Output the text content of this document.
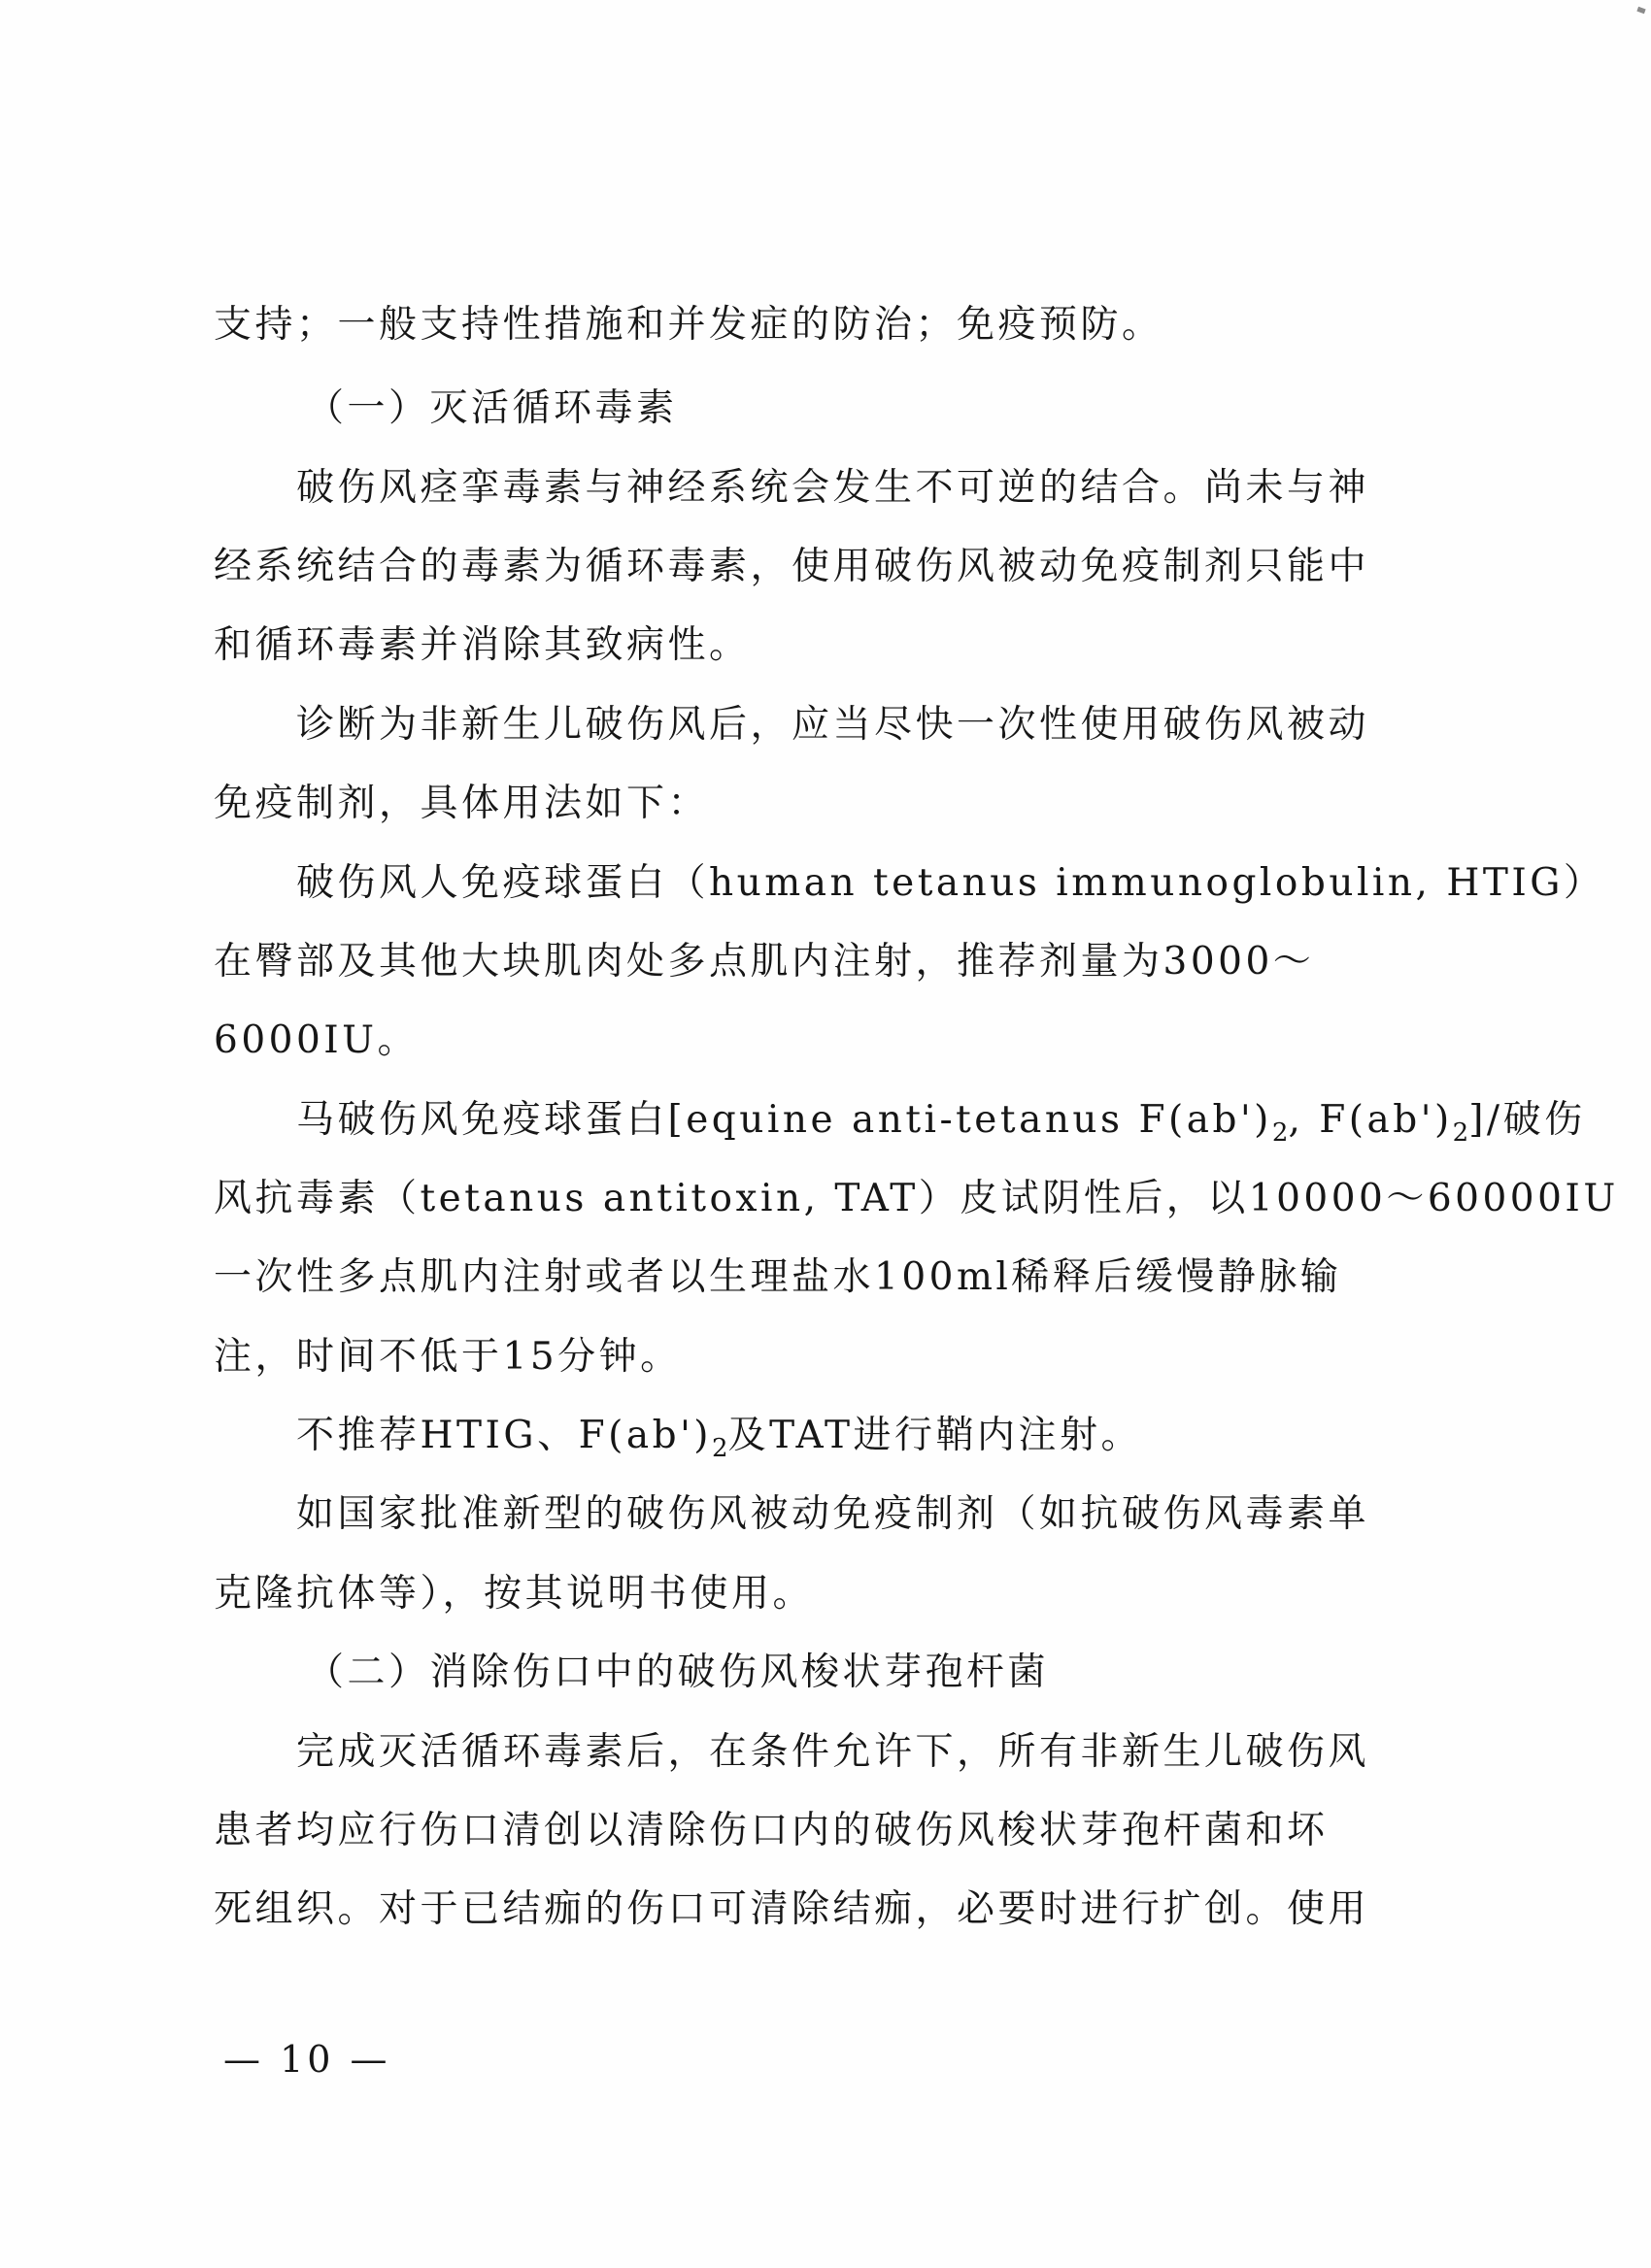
支持；一般支持性措施和并发症的防治；免疫预防。
（一）灭活循环毒素
破伤风痉挛毒素与神经系统会发生不可逆的结合。尚未与神
经系统结合的毒素为循环毒素，使用破伤风被动免疫制剂只能中
和循环毒素并消除其致病性。
诊断为非新生儿破伤风后，应当尽快一次性使用破伤风被动
免疫制剂，具体用法如下：
破伤风人免疫球蛋白（human tetanus immunoglobulin, HTIG）
在臀部及其他大块肌肉处多点肌内注射，推荐剂量为3000～
6000IU。
马破伤风免疫球蛋白[equine anti-tetanus $F(ab')_2$, $F(ab')_2]/$破伤
风抗毒素（tetanus antitoxin, TAT）皮试阴性后，以10000～60000IU
一次性多点肌内注射或者以生理盐水100ml稀释后缓慢静脉输
注，时间不低于15分钟。
不推荐HTIG、$F(ab')_2$及TAT进行鞘内注射。
如国家批准新型的破伤风被动免疫制剂（如抗破伤风毒素单
克隆抗体等），按其说明书使用。
（二）消除伤口中的破伤风梭状芽孢杆菌
完成灭活循环毒素后，在条件允许下，所有非新生儿破伤风
患者均应行伤口清创以清除伤口内的破伤风梭状芽孢杆菌和坏
死组织。对于已结痂的伤口可清除结痂，必要时进行扩创。使用
— 10 —
